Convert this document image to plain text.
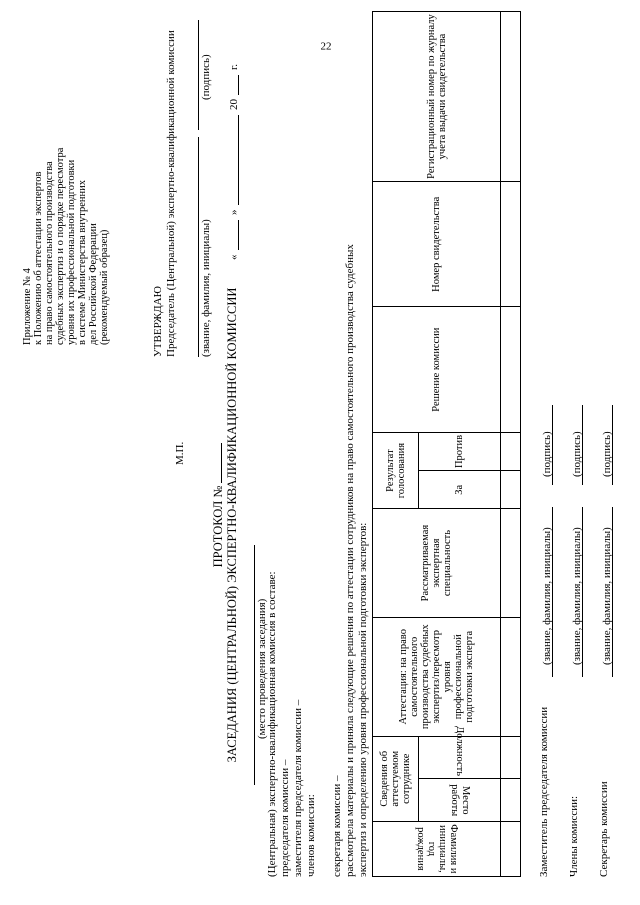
22
Приложение № 4 к Положению об аттестации экспертов на право самостоятельного производства судебных экспертиз и о порядке пересмотра уровня их профессиональной подготовки в системе Министерства внутренних дел Российской Федерации (рекомендуемый образец)	УТВЕРЖДАЮ Председатель (Центральной) экспертно-квалификационной комиссии (звание, фамилия, инициалы)
(подпись)
«
»
20
г.
М.П.
ПРОТОКОЛ № ЗАСЕДАНИЯ (ЦЕНТРАЛЬНОЙ) ЭКСПЕРТНО-КВАЛИФИКАЦИОННОЙ КОМИССИИ (место проведения заседания)
(Центральная) экспертно-квалификационная комиссия в составе: председателя комиссии – заместителя председателя комиссии – членов комиссии: секретаря комиссии – рассмотрела материалы и приняла следующие решения по аттестации сотрудников на право самостоятельного производства судебных экспертиз и определению уровня профессиональной подготовки экспертов:	Фамилия и инициалы, год рождения	Сведения об аттестуемом сотруднике		Аттестация: на право самостоятельного производства судебных экспертиз/пересмотр уровня профессиональной подготовки эксперта	Рассматриваемая экспертная специальность	Результат голосования		Решение комиссии	Номер свидетельства	Регистрационный номер по журналу учета выдачи свидетельства
	Место работы	Должность			За	Против			

Заместитель председателя комиссии
(звание, фамилия, инициалы)
(подпись)
Члены комиссии:
(звание, фамилия, инициалы)
(подпись)
Секретарь комиссии
(звание, фамилия, инициалы)
(подпись)
